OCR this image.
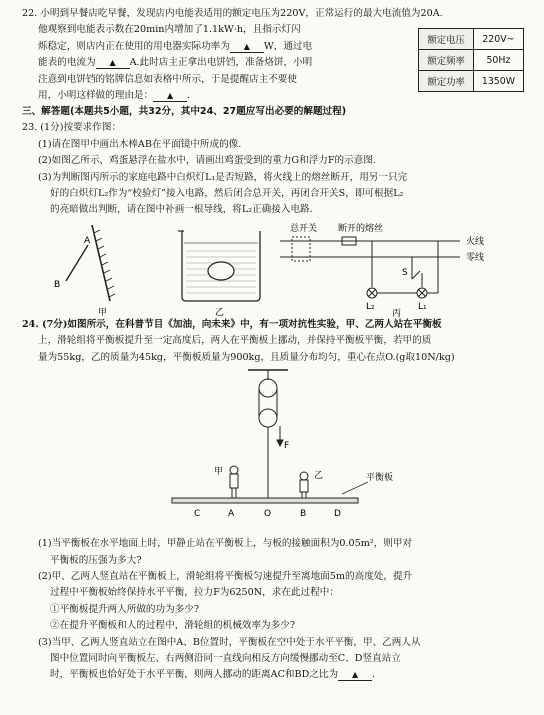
22. 小明到早餐店吃早餐，发现店内电能表适用的额定电压为220V，正常运行的最大电流值为20A.
他观察到电能表示数在20min内增加了1.1kW·h，且指示灯闪
烁稳定，则店内正在使用的用电器实际功率为 ▲ W，通过电
能表的电流为 ▲ A.此时店主正拿出电饼铛，准备烙饼，小明
注意到电饼铛的铭牌信息如表格中所示，于是提醒店主不要使
用，小明这样做的理由是： ▲ .
额定电压	220V~
额定频率	50Hz
额定功率	1350W
三、解答题(本题共5小题，共32分，其中24、27题应写出必要的解题过程)
23. (1分)按要求作图：
(1)请在图甲中画出木棒AB在平面镜中所成的像.
(2)如图乙所示，鸡蛋悬浮在盐水中，请画出鸡蛋受到的重力G和浮力F的示意图.
(3)为判断图丙所示的家庭电路中白炽灯L₁是否短路，将火线上的熔丝断开，用另一只完
好的白炽灯L₂作为“校验灯”接入电路，然后闭合总开关，再闭合开关S，即可根据L₂
的亮暗做出判断，请在图中补画一根导线，将L₂正确接入电路.
A
B
甲	乙
总开关 断开的熔丝
火线
零线
S
L₂	L₁
丙
24. (7分)如图所示，在科普节目《加油，向未来》中，有一项对抗性实验，甲、乙两人站在平衡板
上，滑轮组将平衡板提升至一定高度后，两人在平衡板上挪动，并保持平衡板平衡，若甲的质
量为55kg，乙的质量为45kg，平衡板质量为900kg，且质量分布均匀，重心在点O.(g取10N/kg)
F
甲	乙	平衡板
C	A	O	B	D
(1)当平衡板在水平地面上时，甲静止站在平衡板上，与板的接触面积为0.05m²，则甲对
平衡板的压强为多大?
(2)甲、乙两人竖直站在平衡板上，滑轮组将平衡板匀速提升至离地面5m的高度处，提升
过程中平衡板始终保持水平平衡，拉力F为6250N，求在此过程中：
①平衡板提升两人所做的功为多少?
②在提升平衡板和人的过程中，滑轮组的机械效率为多少?
(3)当甲、乙两人竖直站立在图中A、B位置时，平衡板在空中处于水平平衡，甲、乙两人从
图中位置同时向平衡板左、右两侧沿同一直线向相反方向缓慢挪动至C、D竖直站立
时，平衡板也恰好处于水平平衡，则两人挪动的距离AC和BD之比为 ▲ .
